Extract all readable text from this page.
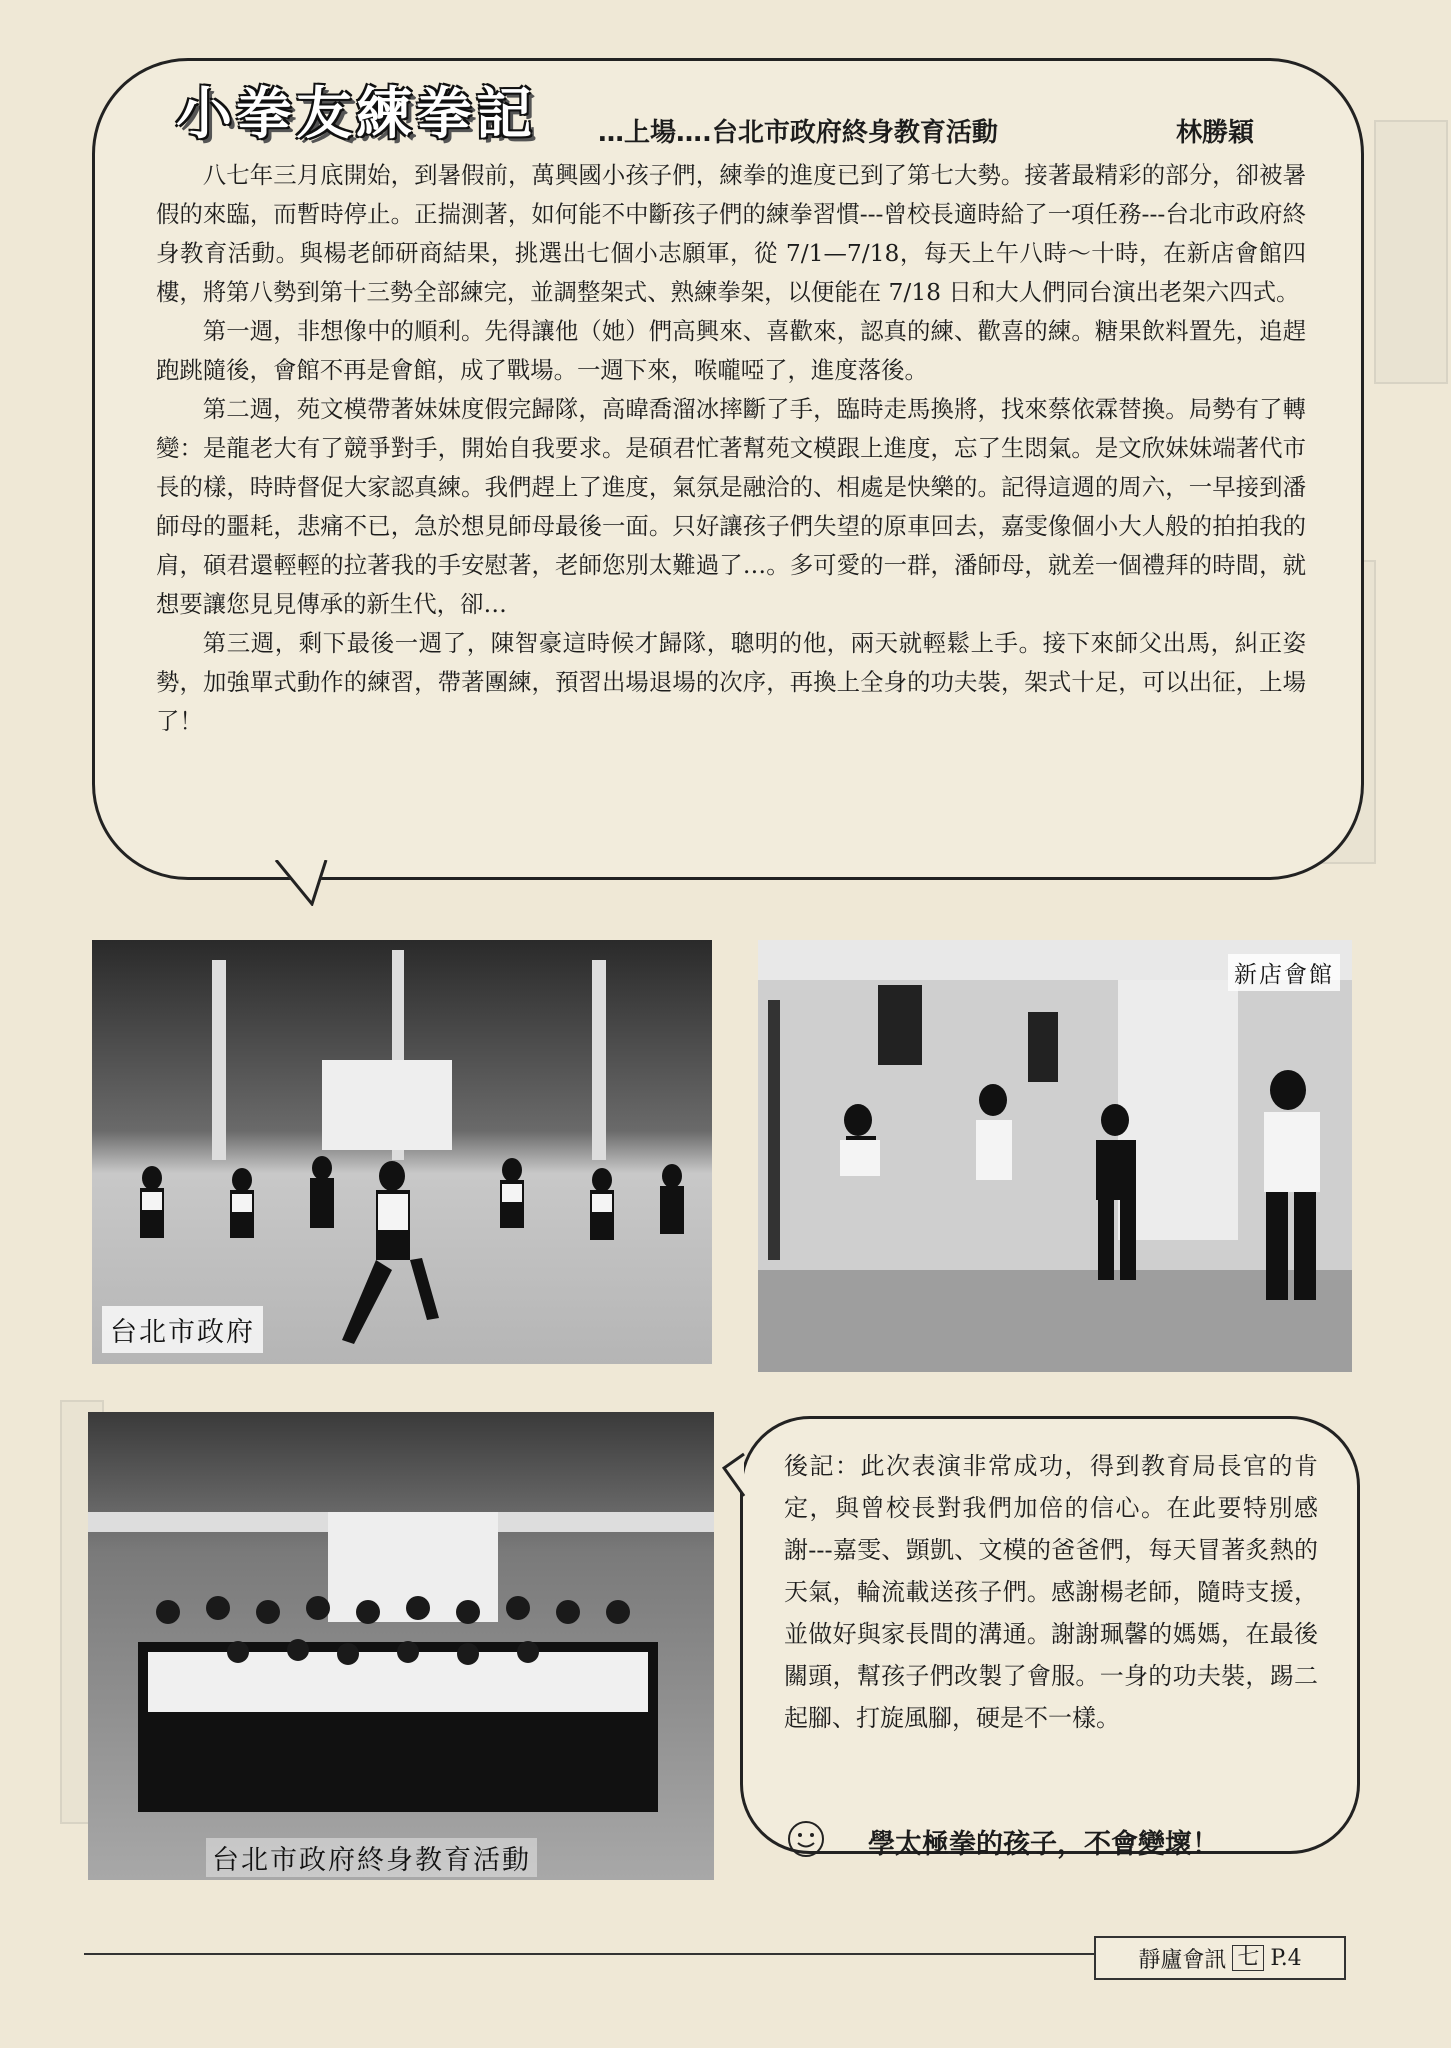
小拳友練拳記 …上場….台北市政府終身教育活動	林勝穎

八七年三月底開始，到暑假前，萬興國小孩子們，練拳的進度已到了第七大勢。接著最精彩的部分，卻被暑假的來臨，而暫時停止。正揣測著，如何能不中斷孩子們的練拳習慣---曾校長適時給了一項任務---台北市政府終身教育活動。與楊老師研商結果，挑選出七個小志願軍，從 7/1—7/18，每天上午八時～十時，在新店會館四樓，將第八勢到第十三勢全部練完，並調整架式、熟練拳架，以便能在 7/18 日和大人們同台演出老架六四式。

第一週，非想像中的順利。先得讓他（她）們高興來、喜歡來，認真的練、歡喜的練。糖果飲料置先，追趕跑跳隨後，會館不再是會館，成了戰場。一週下來，喉嚨啞了，進度落後。

第二週，苑文模帶著妹妹度假完歸隊，高暐喬溜冰摔斷了手，臨時走馬換將，找來蔡依霖替換。局勢有了轉變：是龍老大有了競爭對手，開始自我要求。是碩君忙著幫苑文模跟上進度，忘了生悶氣。是文欣妹妹端著代市長的樣，時時督促大家認真練。我們趕上了進度，氣氛是融洽的、相處是快樂的。記得這週的周六，一早接到潘師母的噩耗，悲痛不已，急於想見師母最後一面。只好讓孩子們失望的原車回去，嘉雯像個小大人般的拍拍我的肩，碩君還輕輕的拉著我的手安慰著，老師您別太難過了…。多可愛的一群，潘師母，就差一個禮拜的時間，就想要讓您見見傳承的新生代，卻…

第三週，剩下最後一週了，陳智豪這時候才歸隊，聰明的他，兩天就輕鬆上手。接下來師父出馬，糾正姿勢，加強單式動作的練習，帶著團練，預習出場退場的次序，再換上全身的功夫裝，架式十足，可以出征，上場了！

台北市政府
新店會館
台北市政府終身教育活動
後記：此次表演非常成功，得到教育局長官的肯定，與曾校長對我們加倍的信心。在此要特別感謝---嘉雯、顗凱、文模的爸爸們，每天冒著炙熱的天氣，輪流載送孩子們。感謝楊老師，隨時支援，並做好與家長間的溝通。謝謝珮馨的媽媽，在最後關頭，幫孩子們改製了會服。一身的功夫裝，踢二起腳、打旋風腳，硬是不一樣。
學太極拳的孩子，不會變壞！
靜廬會訊 七 P.4
